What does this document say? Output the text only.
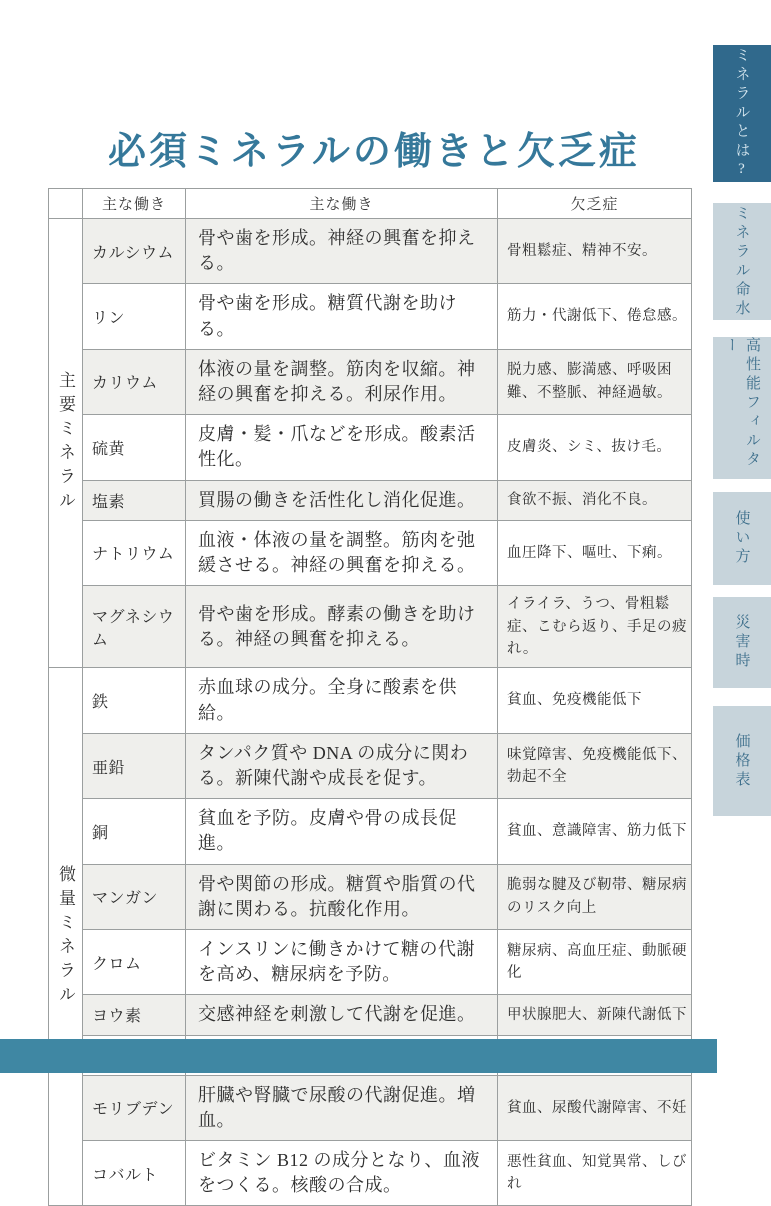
必須ミネラルの働きと欠乏症
	主な働き	主な働き	欠乏症
主要ミネラル	カルシウム	骨や歯を形成。神経の興奮を抑える。	骨粗鬆症、精神不安。
	リン	骨や歯を形成。糖質代謝を助ける。	筋力・代謝低下、倦怠感。
	カリウム	体液の量を調整。筋肉を収縮。神経の興奮を抑える。利尿作用。	脱力感、膨満感、呼吸困難、不整脈、神経過敏。
	硫黄	皮膚・髪・爪などを形成。酸素活性化。	皮膚炎、シミ、抜け毛。
	塩素	買腸の働きを活性化し消化促進。	食欲不振、消化不良。
	ナトリウム	血液・体液の量を調整。筋肉を弛緩させる。神経の興奮を抑える。	血圧降下、嘔吐、下痢。
	マグネシウム	骨や歯を形成。酵素の働きを助ける。神経の興奮を抑える。	イライラ、うつ、骨粗鬆症、こむら返り、手足の疲れ。
微量ミネラル	鉄	赤血球の成分。全身に酸素を供給。	貧血、免疫機能低下
	亜鉛	タンパク質や DNA の成分に関わる。新陳代謝や成長を促す。	味覚障害、免疫機能低下、勃起不全
	銅	貧血を予防。皮膚や骨の成長促進。	貧血、意識障害、筋力低下
	マンガン	骨や関節の形成。糖質や脂質の代謝に関わる。抗酸化作用。	脆弱な腱及び靭帯、糖尿病のリスク向上
	クロム	インスリンに働きかけて糖の代謝を高め、糖尿病を予防。	糖尿病、高血圧症、動脈硬化
	ヨウ素	交感神経を刺激して代謝を促進。	甲状腺肥大、新陳代謝低下

	モリブデン	肝臓や腎臓で尿酸の代謝促進。増血。	貧血、尿酸代謝障害、不妊
	コバルト	ビタミン B12 の成分となり、血液をつくる。核酸の合成。	悪性貧血、知覚異常、しびれ
ミネラルとは?
ミネラル命水
高性能フィルター
使い方
災害時
価格表
